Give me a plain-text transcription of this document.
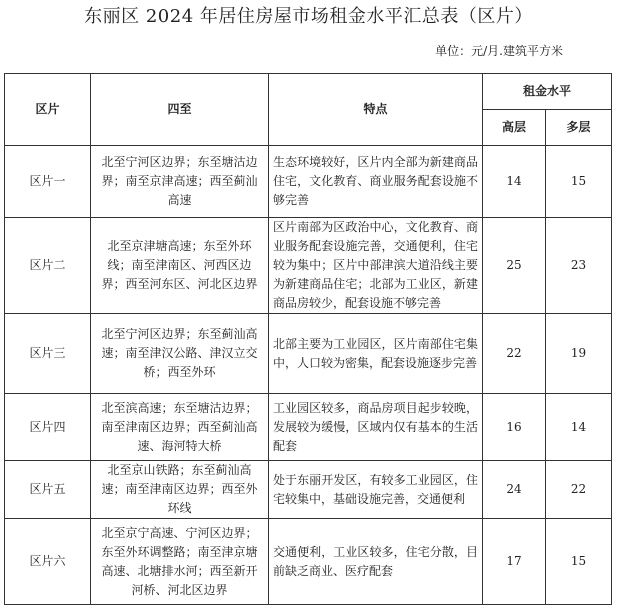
东丽区 2024 年居住房屋市场租金水平汇总表（区片）
单位：元/月.建筑平方米
区片	四至	特点	租金水平	
			高层	多层
区片一	北至宁河区边界；东至塘沽边界；南至京津高速；西至蓟汕高速	生态环境较好，区片内全部为新建商品住宅，文化教育、商业服务配套设施不够完善	14	15
区片二	北至京津塘高速；东至外环线；南至津南区、河西区边界；西至河东区、河北区边界	区片南部为区政治中心，文化教育、商业服务配套设施完善，交通便利，住宅较为集中；区片中部津滨大道沿线主要为新建商品住宅；北部为工业区，新建商品房较少，配套设施不够完善	25	23
区片三	北至宁河区边界；东至蓟汕高速；南至津汉公路、津汉立交桥；西至外环	北部主要为工业园区，区片南部住宅集中，人口较为密集，配套设施逐步完善	22	19
区片四	北至滨高速；东至塘沽边界；南至津南区边界；西至蓟汕高速、海河特大桥	工业园区较多，商品房项目起步较晚，发展较为缓慢，区域内仅有基本的生活配套	16	14
区片五	北至京山铁路；东至蓟汕高速；南至津南区边界；西至外环线	处于东丽开发区，有较多工业园区，住宅较集中，基础设施完善，交通便利	24	22
区片六	北至京宁高速、宁河区边界；东至外环调整路；南至津京塘高速、北塘排水河；西至新开河桥、河北区边界	交通便利，工业区较多，住宅分散，目前缺乏商业、医疗配套	17	15
